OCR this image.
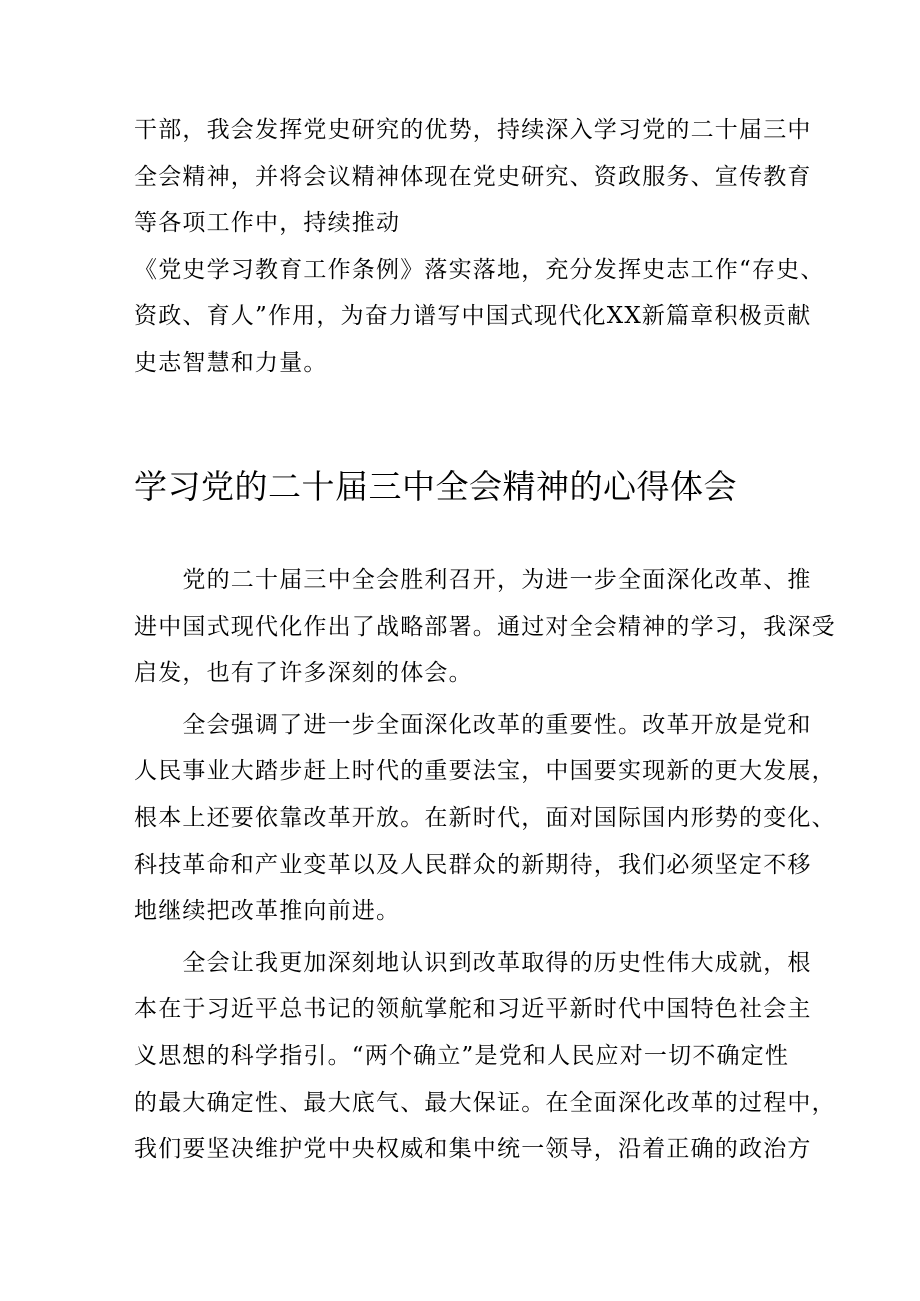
干部，我会发挥党史研究的优势，持续深入学习党的二十届三中
全会精神，并将会议精神体现在党史研究、资政服务、宣传教育
等各项工作中，持续推动
《党史学习教育工作条例》落实落地，充分发挥史志工作“存史、
资政、育人”作用，为奋力谱写中国式现代化XX新篇章积极贡献
史志智慧和力量。
学习党的二十届三中全会精神的心得体会
　　党的二十届三中全会胜利召开，为进一步全面深化改革、推
进中国式现代化作出了战略部署。通过对全会精神的学习，我深受
启发，也有了许多深刻的体会。
　　全会强调了进一步全面深化改革的重要性。改革开放是党和
人民事业大踏步赶上时代的重要法宝，中国要实现新的更大发展，
根本上还要依靠改革开放。在新时代，面对国际国内形势的变化、
科技革命和产业变革以及人民群众的新期待，我们必须坚定不移
地继续把改革推向前进。
　　全会让我更加深刻地认识到改革取得的历史性伟大成就，根
本在于习近平总书记的领航掌舵和习近平新时代中国特色社会主
义思想的科学指引。“两个确立”是党和人民应对一切不确定性
的最大确定性、最大底气、最大保证。在全面深化改革的过程中，
我们要坚决维护党中央权威和集中统一领导，沿着正确的政治方
